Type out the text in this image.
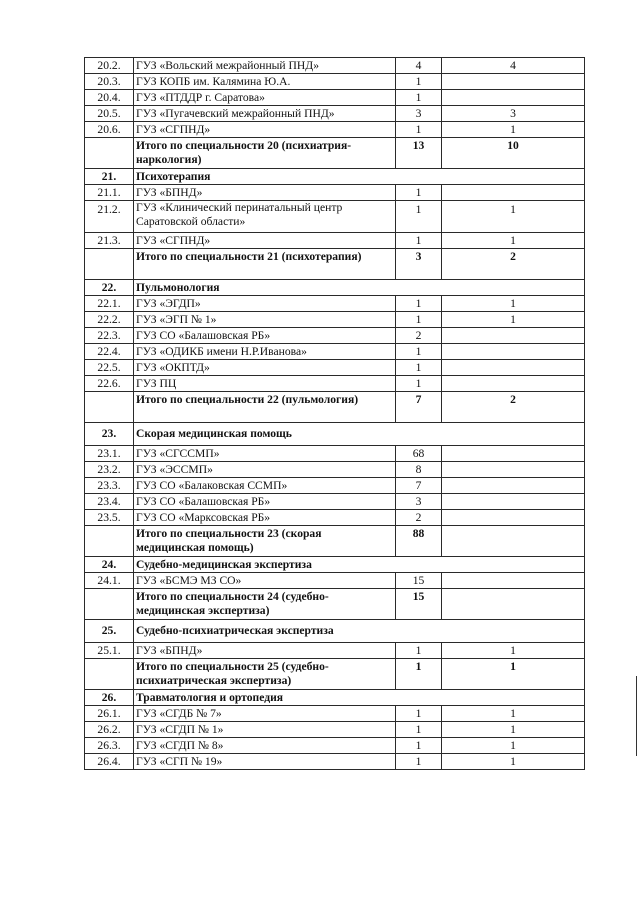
20.2.	ГУЗ «Вольский межрайонный ПНД»	4	4
20.3.	ГУЗ КОПБ им. Калямина Ю.А.	1	
20.4.	ГУЗ «ПТДДР г. Саратова»	1	
20.5.	ГУЗ «Пугачевский межрайонный ПНД»	3	3
20.6.	ГУЗ «СГПНД»	1	1
	Итого по специальности 20 (психиатрия-наркология)	13	10
21.	Психотерапия		
21.1.	ГУЗ «БПНД»	1	
21.2.	ГУЗ «Клинический перинатальный центр Саратовской области»	1	1
21.3.	ГУЗ «СГПНД»	1	1
	Итого по специальности 21 (психотерапия)	3	2
22.	Пульмонология		
22.1.	ГУЗ «ЭГДП»	1	1
22.2.	ГУЗ «ЭГП № 1»	1	1
22.3.	ГУЗ СО «Балашовская РБ»	2	
22.4.	ГУЗ «ОДИКБ имени Н.Р.Иванова»	1	
22.5.	ГУЗ «ОКПТД»	1	
22.6.	ГУЗ ПЦ	1	
	Итого по специальности 22 (пульмология)	7	2
23.	Скорая медицинская помощь		
23.1.	ГУЗ «СГССМП»	68	
23.2.	ГУЗ «ЭССМП»	8	
23.3.	ГУЗ СО «Балаковская ССМП»	7	
23.4.	ГУЗ СО «Балашовская РБ»	3	
23.5.	ГУЗ СО «Марксовская РБ»	2	
	Итого по специальности 23 (скорая медицинская помощь)	88	
24.	Судебно-медицинская экспертиза		
24.1.	ГУЗ «БСМЭ МЗ СО»	15	
	Итого по специальности 24 (судебно-медицинская экспертиза)	15	
25.	Судебно-психиатрическая экспертиза		
25.1.	ГУЗ «БПНД»	1	1
	Итого по специальности 25 (судебно-психиатрическая экспертиза)	1	1
26.	Травматология и ортопедия		
26.1.	ГУЗ «СГДБ № 7»	1	1
26.2.	ГУЗ «СГДП № 1»	1	1
26.3.	ГУЗ «СГДП № 8»	1	1
26.4.	ГУЗ «СГП № 19»	1	1
